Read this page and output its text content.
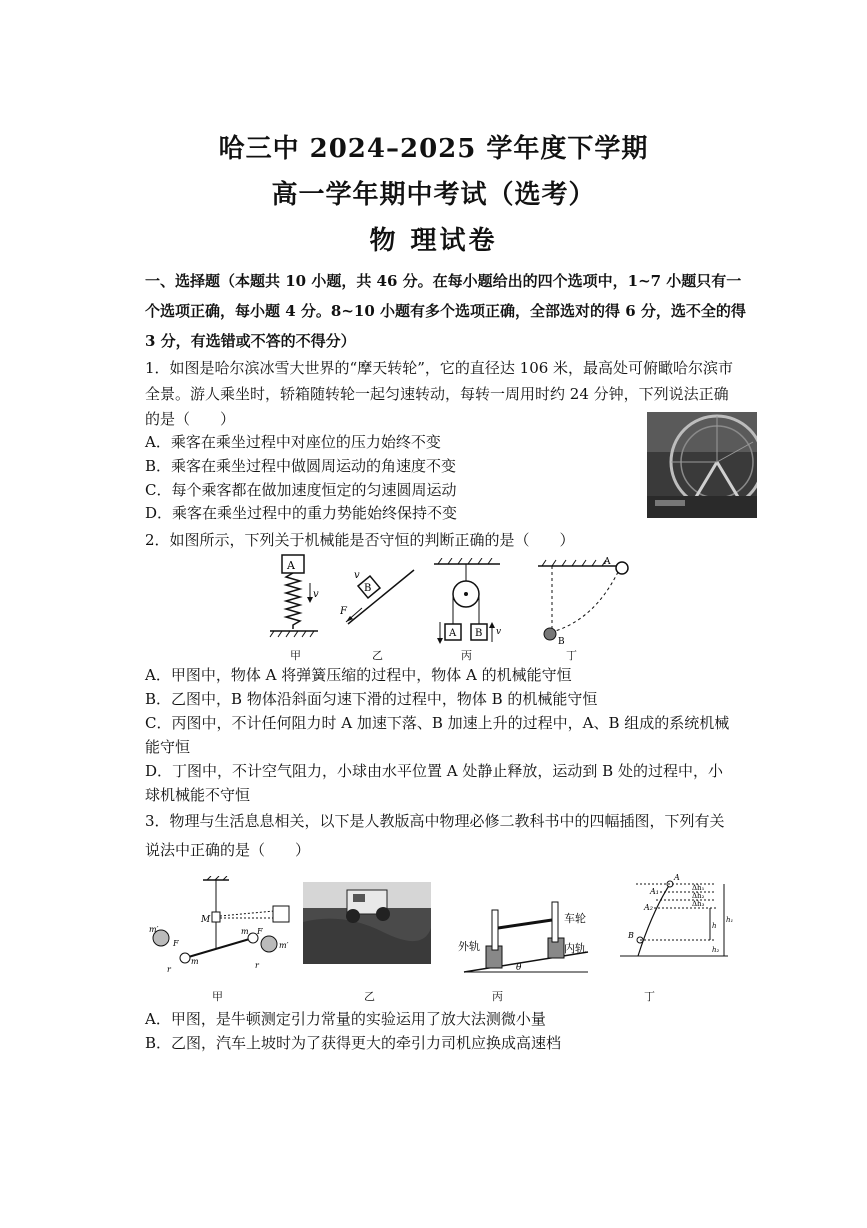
哈三中 2024–2025 学年度下学期
高一学年期中考试（选考）
物 理试卷
一、选择题（本题共 10 小题，共 46 分。在每小题给出的四个选项中，1~7 小题只有一
个选项正确，每小题 4 分。8~10 小题有多个选项正确，全部选对的得 6 分，选不全的得
3 分，有选错或不答的不得分）
1．如图是哈尔滨冰雪大世界的“摩天转轮”，它的直径达 106 米，最高处可俯瞰哈尔滨市
全景。游人乘坐时，轿箱随转轮一起匀速转动，每转一周用时约 24 分钟，下列说法正确
的是（　　）
A．乘客在乘坐过程中对座位的压力始终不变
B．乘客在乘坐过程中做圆周运动的角速度不变
C．每个乘客都在做加速度恒定的匀速圆周运动
D．乘客在乘坐过程中的重力势能始终保持不变
2．如图所示，下列关于机械能是否守恒的判断正确的是（　　）
A
v
甲
B
F
v
乙
A B v
丙
A
B
丁
A．甲图中，物体 A 将弹簧压缩的过程中，物体 A 的机械能守恒
B．乙图中，B 物体沿斜面匀速下滑的过程中，物体 B 的机械能守恒
C．丙图中，不计任何阻力时 A 加速下落、B 加速上升的过程中，A、B 组成的系统机械
能守恒
D．丁图中，不计空气阻力，小球由水平位置 A 处静止释放，运动到 B 处的过程中，小
球机械能不守恒
3．物理与生活息息相关，以下是人教版高中物理必修二教科书中的四幅插图，下列有关
说法中正确的是（　　）
M
m′
m′
m
m
F
F
r	r
甲	乙
车轮
外轨	内轨
θ
丙
A
A₁
A₂
B
Δh₁
Δh₂
Δh₃
h
h₁
h₂
丁
A．甲图，是牛顿测定引力常量的实验运用了放大法测微小量
B．乙图，汽车上坡时为了获得更大的牵引力司机应换成高速档
